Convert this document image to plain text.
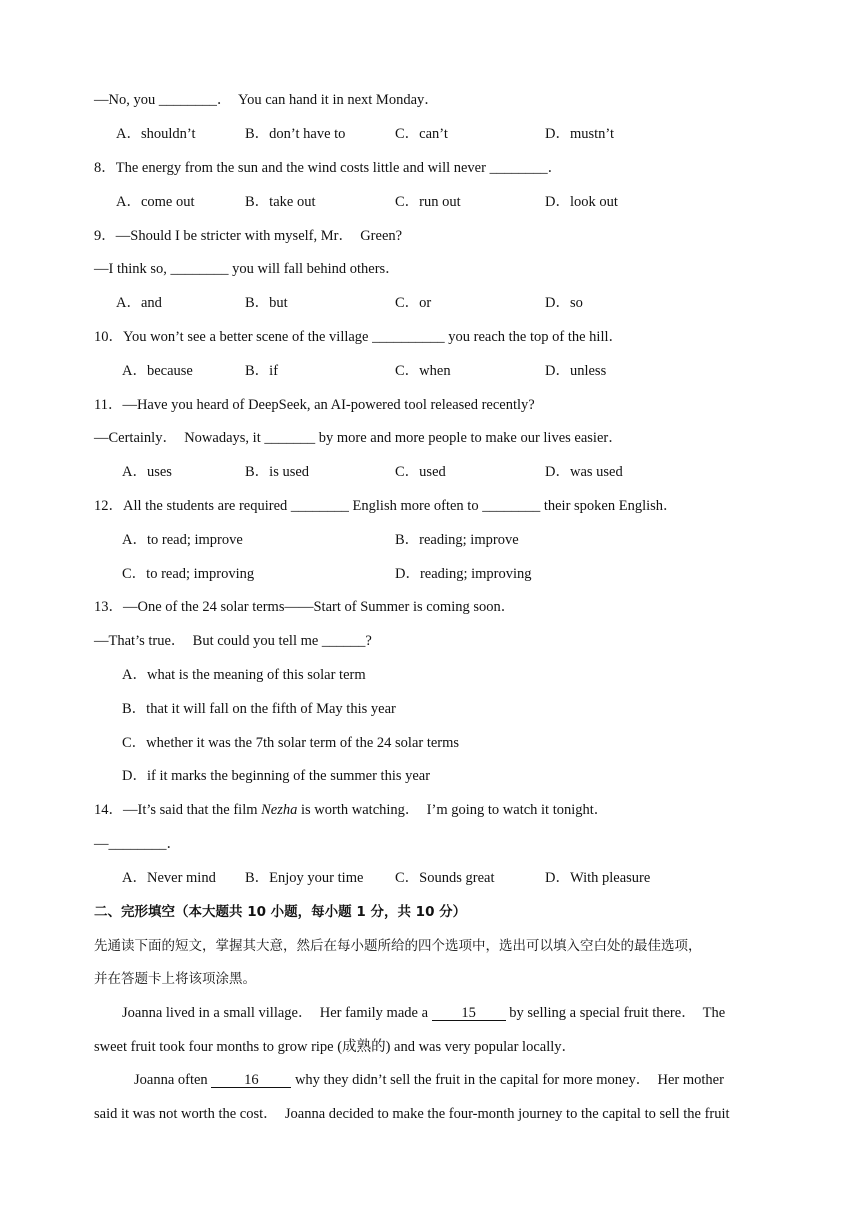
—No, you ________．  You can hand it in next Monday．
A．shouldn’t	B．don’t have to	C．can’t	D．mustn’t
8．The energy from the sun and the wind costs little and will never ________．
A．come out	B．take out	C．run out	D．look out
9．—Should I be stricter with myself, Mr．  Green?
—I think so, ________ you will fall behind others．
A．and	B．but	C．or	D．so
10．You won’t see a better scene of the village __________ you reach the top of the hill．
A．because	B．if	C．when	D．unless
11．—Have you heard of DeepSeek, an AI-powered tool released recently?
—Certainly．  Nowadays, it _______ by more and more people to make our lives easier．
A．uses	B．is used	C．used	D．was used
12．All the students are required ________ English more often to ________ their spoken English．
A．to read; improve	B．reading; improve
C．to read; improving	D．reading; improving
13．—One of the 24 solar terms——Start of Summer is coming soon．
—That’s true．  But could you tell me ______?
A．what is the meaning of this solar term
B．that it will fall on the fifth of May this year
C．whether it was the 7th solar term of the 24 solar terms
D．if it marks the beginning of the summer this year
14．—It’s said that the film Nezha is worth watching．  I’m going to watch it tonight．
—________．
A．Never mind B．Enjoy your time C．Sounds great	D．With pleasure
二、完形填空（本大题共 10 小题，每小题 1 分，共 10 分）
先通读下面的短文，掌握其大意，然后在每小题所给的四个选项中，选出可以填入空白处的最佳选项，
并在答题卡上将该项涂黑。
Joanna lived in a small village．  Her family made a 15 by selling a special fruit there．  The
sweet fruit took four months to grow ripe (成熟的) and was very popular locally．
Joanna often 16 why they didn’t sell the fruit in the capital for more money．  Her mother
said it was not worth the cost．  Joanna decided to make the four-month journey to the capital to sell the fruit
